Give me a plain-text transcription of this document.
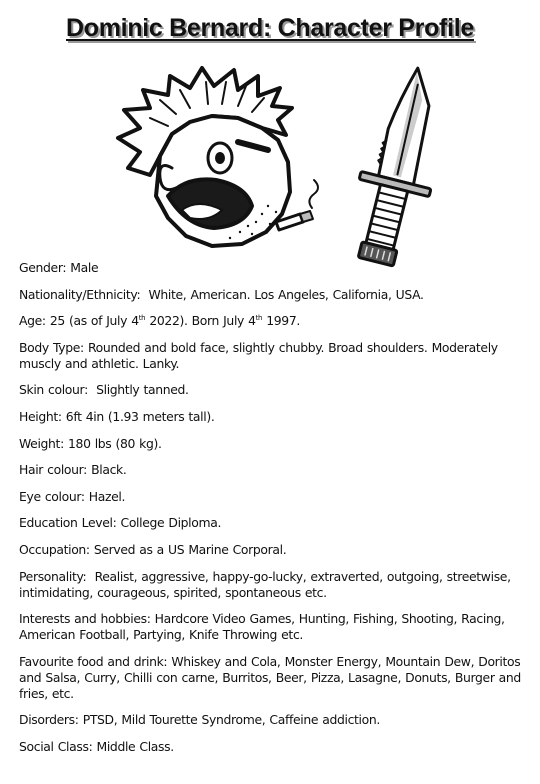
Dominic Bernard: Character Profile
Gender: Male
Nationality/Ethnicity: White, American. Los Angeles, California, USA.
Age: 25 (as of July 4th 2022). Born July 4th 1997.
Body Type: Rounded and bold face, slightly chubby. Broad shoulders. Moderately muscly and athletic. Lanky.
Skin colour: Slightly tanned.
Height: 6ft 4in (1.93 meters tall).
Weight: 180 lbs (80 kg).
Hair colour: Black.
Eye colour: Hazel.
Education Level: College Diploma.
Occupation: Served as a US Marine Corporal.
Personality: Realist, aggressive, happy-go-lucky, extraverted, outgoing, streetwise, intimidating, courageous, spirited, spontaneous etc.
Interests and hobbies: Hardcore Video Games, Hunting, Fishing, Shooting, Racing, American Football, Partying, Knife Throwing etc.
Favourite food and drink: Whiskey and Cola, Monster Energy, Mountain Dew, Doritos and Salsa, Curry, Chilli con carne, Burritos, Beer, Pizza, Lasagne, Donuts, Burger and fries, etc.
Disorders: PTSD, Mild Tourette Syndrome, Caffeine addiction.
Social Class: Middle Class.
